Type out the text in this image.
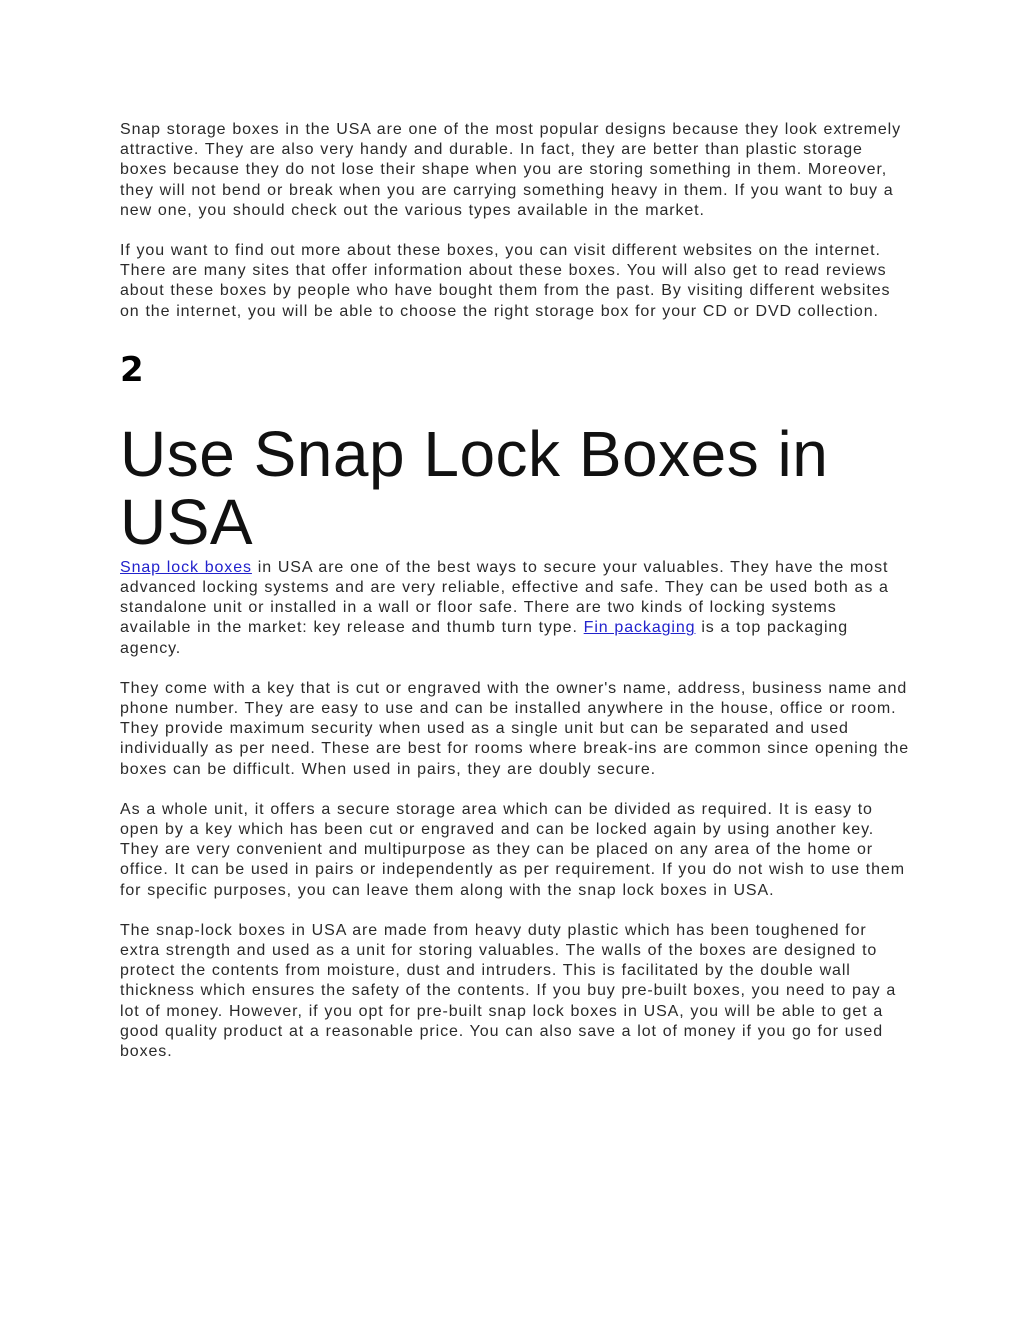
Snap storage boxes in the USA are one of the most popular designs because they look extremely attractive. They are also very handy and durable. In fact, they are better than plastic storage boxes because they do not lose their shape when you are storing something in them. Moreover, they will not bend or break when you are carrying something heavy in them. If you want to buy a new one, you should check out the various types available in the market.

If you want to find out more about these boxes, you can visit different websites on the internet. There are many sites that offer information about these boxes. You will also get to read reviews about these boxes by people who have bought them from the past. By visiting different websites on the internet, you will be able to choose the right storage box for your CD or DVD collection.

2
Use Snap Lock Boxes in USA

Snap lock boxes in USA are one of the best ways to secure your valuables. They have the most advanced locking systems and are very reliable, effective and safe. They can be used both as a standalone unit or installed in a wall or floor safe. There are two kinds of locking systems available in the market: key release and thumb turn type. Fin packaging is a top packaging agency.

They come with a key that is cut or engraved with the owner's name, address, business name and phone number. They are easy to use and can be installed anywhere in the house, office or room. They provide maximum security when used as a single unit but can be separated and used individually as per need. These are best for rooms where break-ins are common since opening the boxes can be difficult. When used in pairs, they are doubly secure.

As a whole unit, it offers a secure storage area which can be divided as required. It is easy to open by a key which has been cut or engraved and can be locked again by using another key. They are very convenient and multipurpose as they can be placed on any area of the home or office. It can be used in pairs or independently as per requirement. If you do not wish to use them for specific purposes, you can leave them along with the snap lock boxes in USA.

The snap-lock boxes in USA are made from heavy duty plastic which has been toughened for extra strength and used as a unit for storing valuables. The walls of the boxes are designed to protect the contents from moisture, dust and intruders. This is facilitated by the double wall thickness which ensures the safety of the contents. If you buy pre-built boxes, you need to pay a lot of money. However, if you opt for pre-built snap lock boxes in USA, you will be able to get a good quality product at a reasonable price. You can also save a lot of money if you go for used boxes.
